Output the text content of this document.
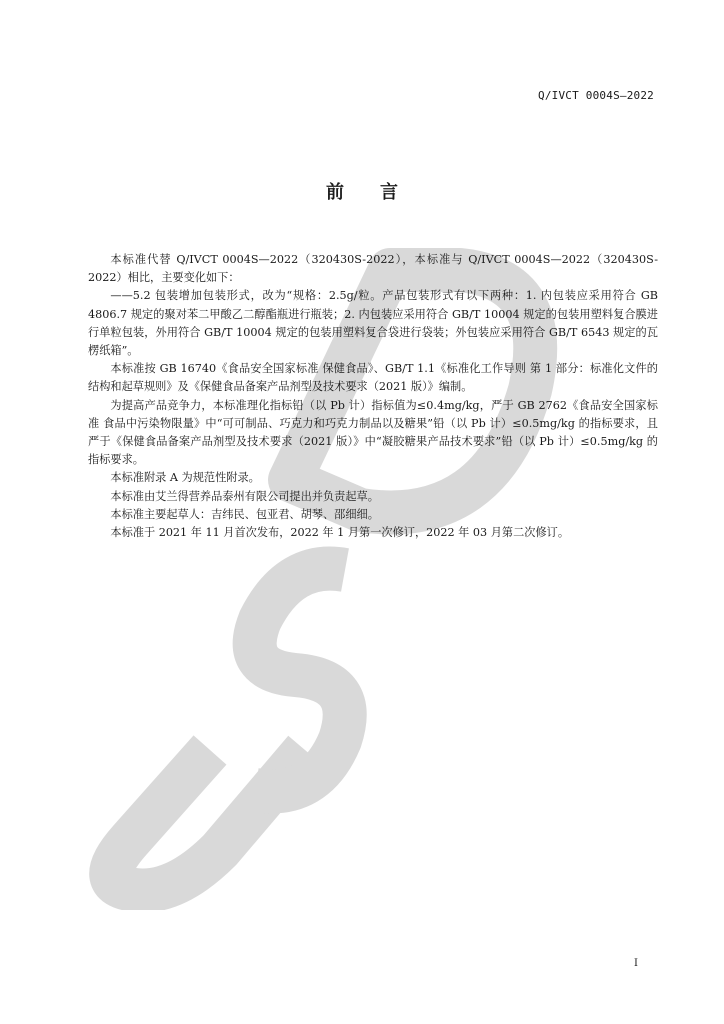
Q/IVCT 0004S—2022
前言

本标准代替 Q/IVCT 0004S—2022（320430S-2022），本标准与 Q/IVCT 0004S—2022（320430S-2022）相比，主要变化如下：

——5.2 包装增加包装形式，改为“规格：2.5g/粒。产品包装形式有以下两种：1. 内包装应采用符合 GB 4806.7 规定的聚对苯二甲酸乙二醇酯瓶进行瓶装；2. 内包装应采用符合 GB/T 10004 规定的包装用塑料复合膜进行单粒包装，外用符合 GB/T 10004 规定的包装用塑料复合袋进行袋装；外包装应采用符合 GB/T 6543 规定的瓦楞纸箱”。

本标准按 GB 16740《食品安全国家标准 保健食品》、GB/T 1.1《标准化工作导则 第 1 部分：标准化文件的结构和起草规则》及《保健食品备案产品剂型及技术要求（2021 版）》编制。

为提高产品竞争力，本标准理化指标铅（以 Pb 计）指标值为≤0.4mg/kg，严于 GB 2762《食品安全国家标准 食品中污染物限量》中“可可制品、巧克力和巧克力制品以及糖果”铅（以 Pb 计）≤0.5mg/kg 的指标要求，且严于《保健食品备案产品剂型及技术要求（2021 版）》中“凝胶糖果产品技术要求”铅（以 Pb 计）≤0.5mg/kg 的指标要求。

本标准附录 A 为规范性附录。

本标准由艾兰得营养品泰州有限公司提出并负责起草。

本标准主要起草人：吉纬民、包亚君、胡琴、邵细细。

本标准于 2021 年 11 月首次发布，2022 年 1 月第一次修订，2022 年 03 月第二次修订。

I
